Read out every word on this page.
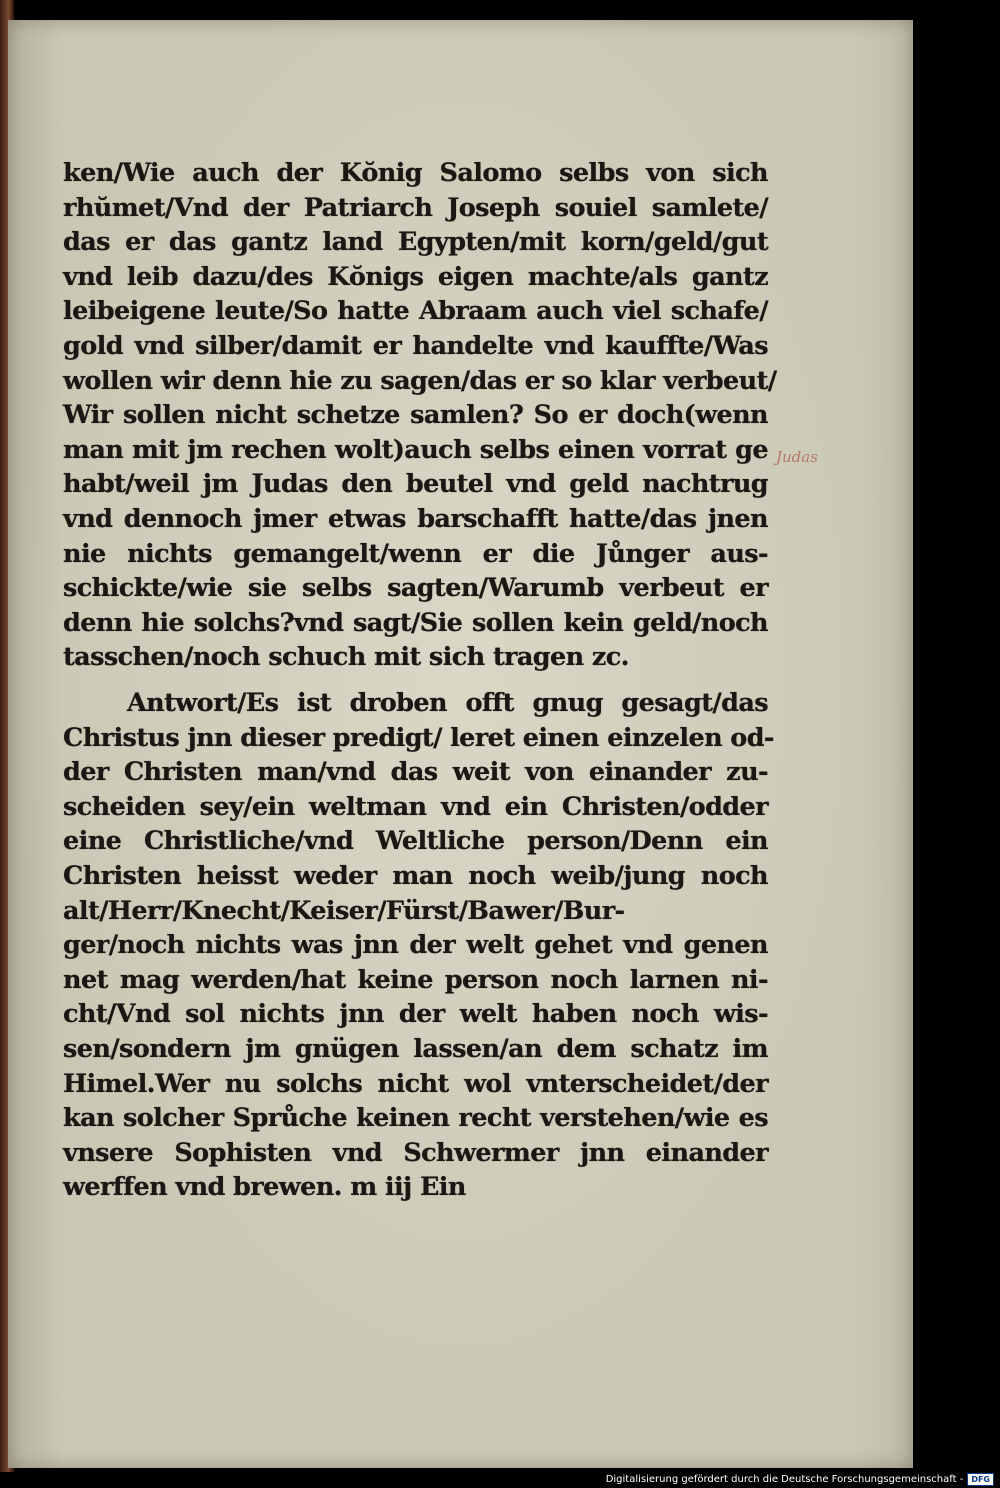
ken/Wie auch der Kŏnig Salomo selbs von sich
rhŭmet/Vnd der Patriarch Joseph souiel samlete/
das er das gantz land Egypten/mit korn/geld/gut
vnd leib dazu/des Kŏnigs eigen machte/als gantz
leibeigene leute/So hatte Abraam auch viel schafe/
gold vnd silber/damit er handelte vnd kauffte/Was
wollen wir denn hie zu sagen/das er so klar verbeut/
Wir sollen nicht schetze samlen? So er doch(wenn
man mit jm rechen wolt)auch selbs einen vorrat ge
habt/weil jm Judas den beutel vnd geld nachtrug
vnd dennoch jmer etwas barschafft hatte/das jnen
nie nichts gemangelt/wenn er die Jůnger aus-
schickte/wie sie selbs sagten/Warumb verbeut er
denn hie solchs?vnd sagt/Sie sollen kein geld/noch
tasschen/noch schuch mit sich tragen zc.
Antwort/Es ist droben offt gnug gesagt/das
Christus jnn dieser predigt/ leret einen einzelen od-
der Christen man/vnd das weit von einander zu-
scheiden sey/ein weltman vnd ein Christen/odder
eine Christliche/vnd Weltliche person/Denn ein
Christen heisst weder man noch weib/jung noch
alt/Herr/Knecht/Keiser/Fürst/Bawer/Bur-
ger/noch nichts was jnn der welt gehet vnd genen
net mag werden/hat keine person noch larnen ni-
cht/Vnd sol nichts jnn der welt haben noch wis-
sen/sondern jm gnügen lassen/an dem schatz im
Himel.Wer nu solchs nicht wol vnterscheidet/der
kan solcher Sprůche keinen recht verstehen/wie es
vnsere Sophisten vnd Schwermer jnn einander
werffen vnd brewen. m iij Ein
Judas
Digitalisierung gefördert durch die Deutsche Forschungsgemeinschaft -	DFG
